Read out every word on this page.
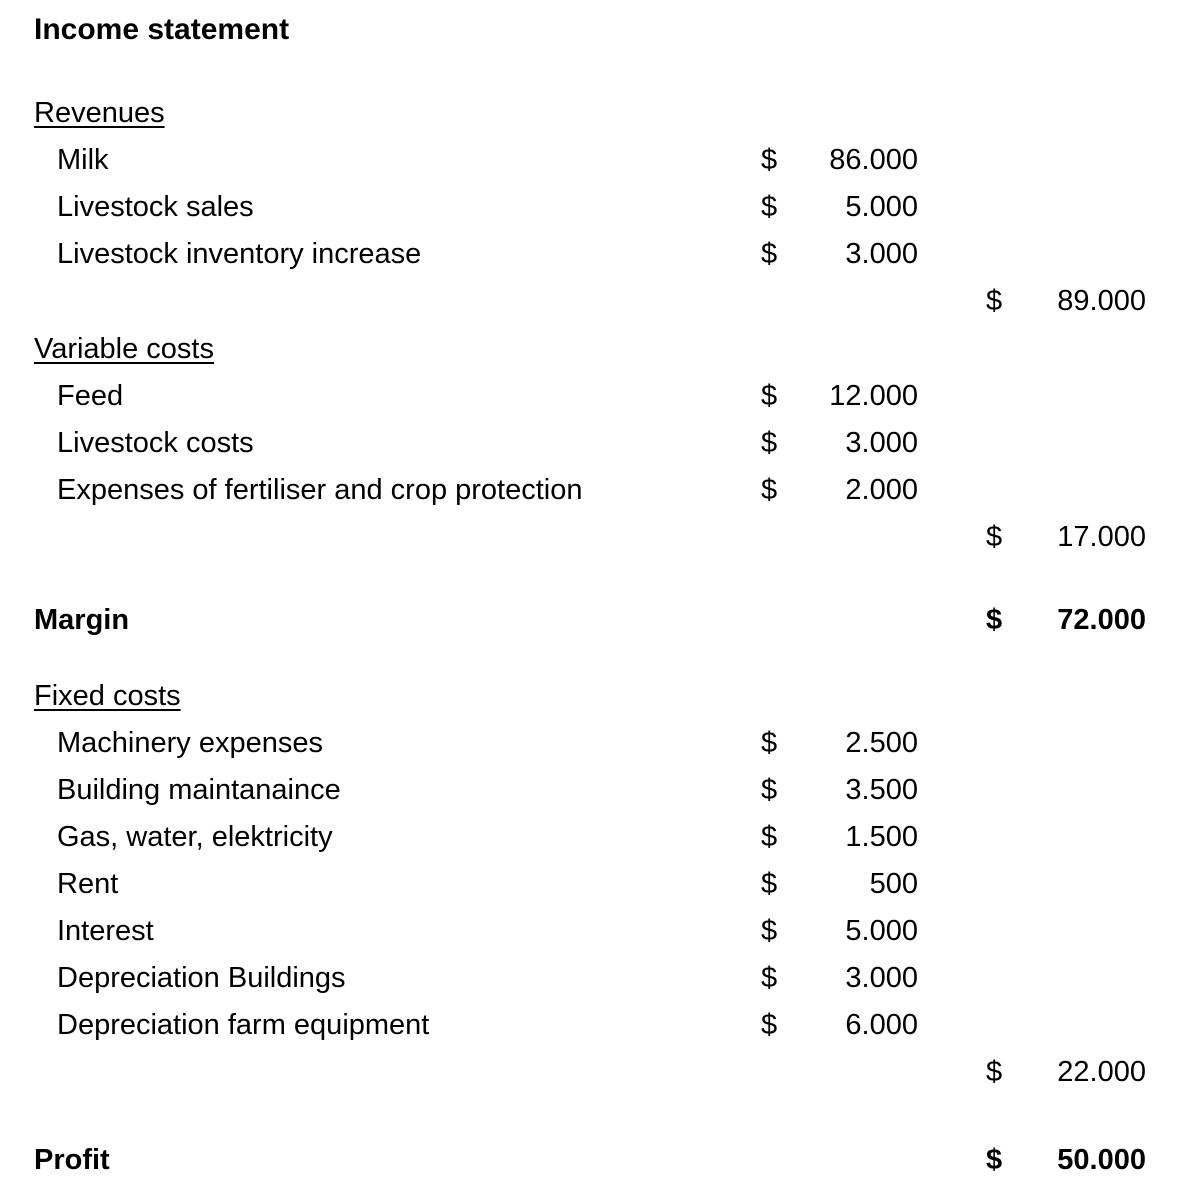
Income statement
Revenues
Milk	$ 86.000
Livestock sales	$ 5.000
Livestock inventory increase	$ 3.000
$ 89.000
Variable costs
Feed	$ 12.000
Livestock costs	$ 3.000
Expenses of fertiliser and crop protection	$ 2.000
$ 17.000
Margin	$ 72.000
Fixed costs
Machinery expenses	$ 2.500
Building maintanaince	$ 3.500
Gas, water, elektricity	$ 1.500
Rent	$	500
Interest	$ 5.000
Depreciation Buildings	$ 3.000
Depreciation farm equipment	$ 6.000
$ 22.000
Profit	$ 50.000
